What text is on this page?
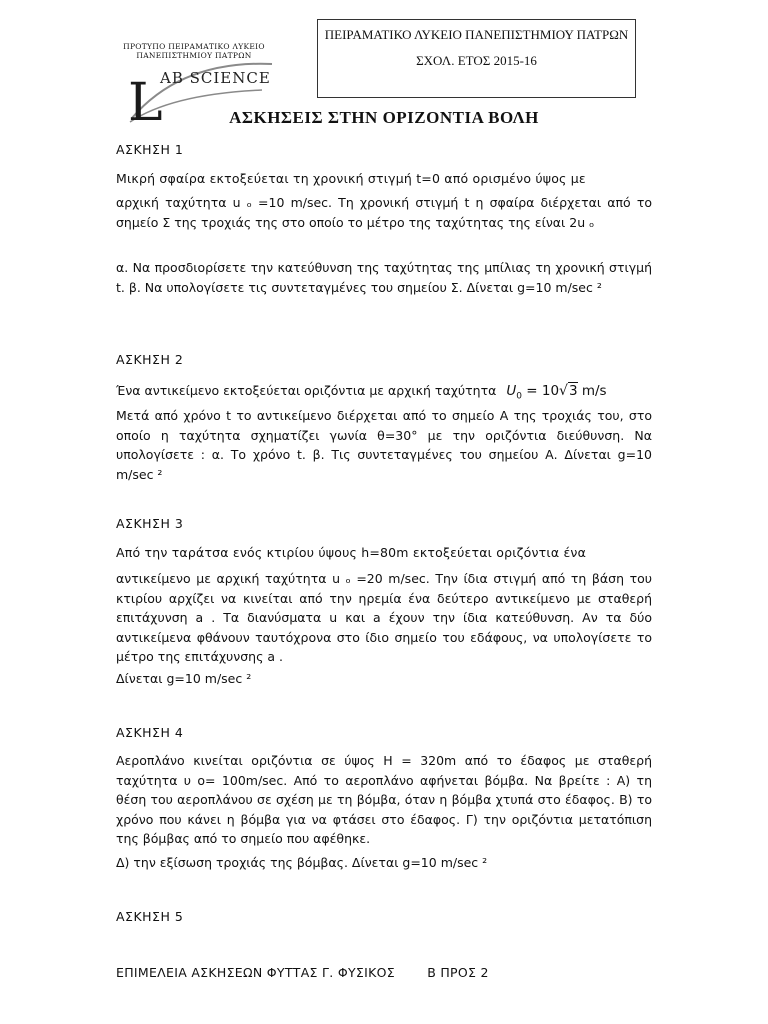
ΠΡΟΤΥΠΟ ΠΕΙΡΑΜΑΤΙΚΟ ΛΥΚΕΙΟ
ΠΑΝΕΠΙΣΤΗΜΙΟΥ ΠΑΤΡΩΝ
L
AB SCIENCE
ΠΕΙΡΑΜΑΤΙΚΟ ΛΥΚΕΙΟ ΠΑΝΕΠΙΣΤΗΜΙΟΥ ΠΑΤΡΩΝ
ΣΧΟΛ. ΕΤΟΣ 2015-16
ΑΣΚΗΣΕΙΣ ΣΤΗΝ ΟΡΙΖΟΝΤΙΑ ΒΟΛΗ
ΑΣΚΗΣΗ 1
Μικρή σφαίρα εκτοξεύεται τη χρονική στιγμή t=0 από ορισμένο ύψος με
αρχική ταχύτητα u ₒ =10 m/sec. Τη χρονική στιγμή t η σφαίρα διέρχεται από το σημείο Σ της τροχιάς της στο οποίο το μέτρο της ταχύτητας της είναι 2u ₒ
α. Να προσδιορίσετε την κατεύθυνση της ταχύτητας της μπίλιας τη χρονική στιγμή t. β. Να υπολογίσετε τις συντεταγμένες του σημείου Σ. Δίνεται g=10 m/sec ²
ΑΣΚΗΣΗ 2
Ένα αντικείμενο εκτοξεύεται οριζόντια με αρχική ταχύτητα $U_0 = 10√3$ m/s
Μετά από χρόνο t το αντικείμενο διέρχεται από το σημείο Α της τροχιάς του, στο οποίο η ταχύτητα σχηματίζει γωνία θ=30° με την οριζόντια διεύθυνση. Να υπολογίσετε : α. Το χρόνο t. β. Τις συντεταγμένες του σημείου Α. Δίνεται g=10 m/sec ²
ΑΣΚΗΣΗ 3
Από την ταράτσα ενός κτιρίου ύψους h=80m εκτοξεύεται οριζόντια ένα
αντικείμενο με αρχική ταχύτητα u ₒ =20 m/sec. Την ίδια στιγμή από τη βάση του κτιρίου αρχίζει να κινείται από την ηρεμία ένα δεύτερο αντικείμενο με σταθερή επιτάχυνση a . Τα διανύσματα u και a έχουν την ίδια κατεύθυνση. Αν τα δύο αντικείμενα φθάνουν ταυτόχρονα στο ίδιο σημείο του εδάφους, να υπολογίσετε το μέτρο της επιτάχυνσης a .
Δίνεται g=10 m/sec ²
ΑΣΚΗΣΗ 4
Αεροπλάνο κινείται οριζόντια σε ύψος H = 320m από το έδαφος με σταθερή ταχύτητα υ ο= 100m/sec. Από το αεροπλάνο αφήνεται βόμβα. Να βρείτε : Α) τη θέση του αεροπλάνου σε σχέση με τη βόμβα, όταν η βόμβα χτυπά στο έδαφος. Β) το χρόνο που κάνει η βόμβα για να φτάσει στο έδαφος. Γ) την οριζόντια μετατόπιση της βόμβας από το σημείο που αφέθηκε.
Δ) την εξίσωση τροχιάς της βόμβας. Δίνεται g=10 m/sec ²
ΑΣΚΗΣΗ 5
ΕΠΙΜΕΛΕΙΑ ΑΣΚΗΣΕΩΝ ΦΥΤΤΑΣ Γ. ΦΥΣΙΚΟΣ	Β ΠΡΟΣ 2
